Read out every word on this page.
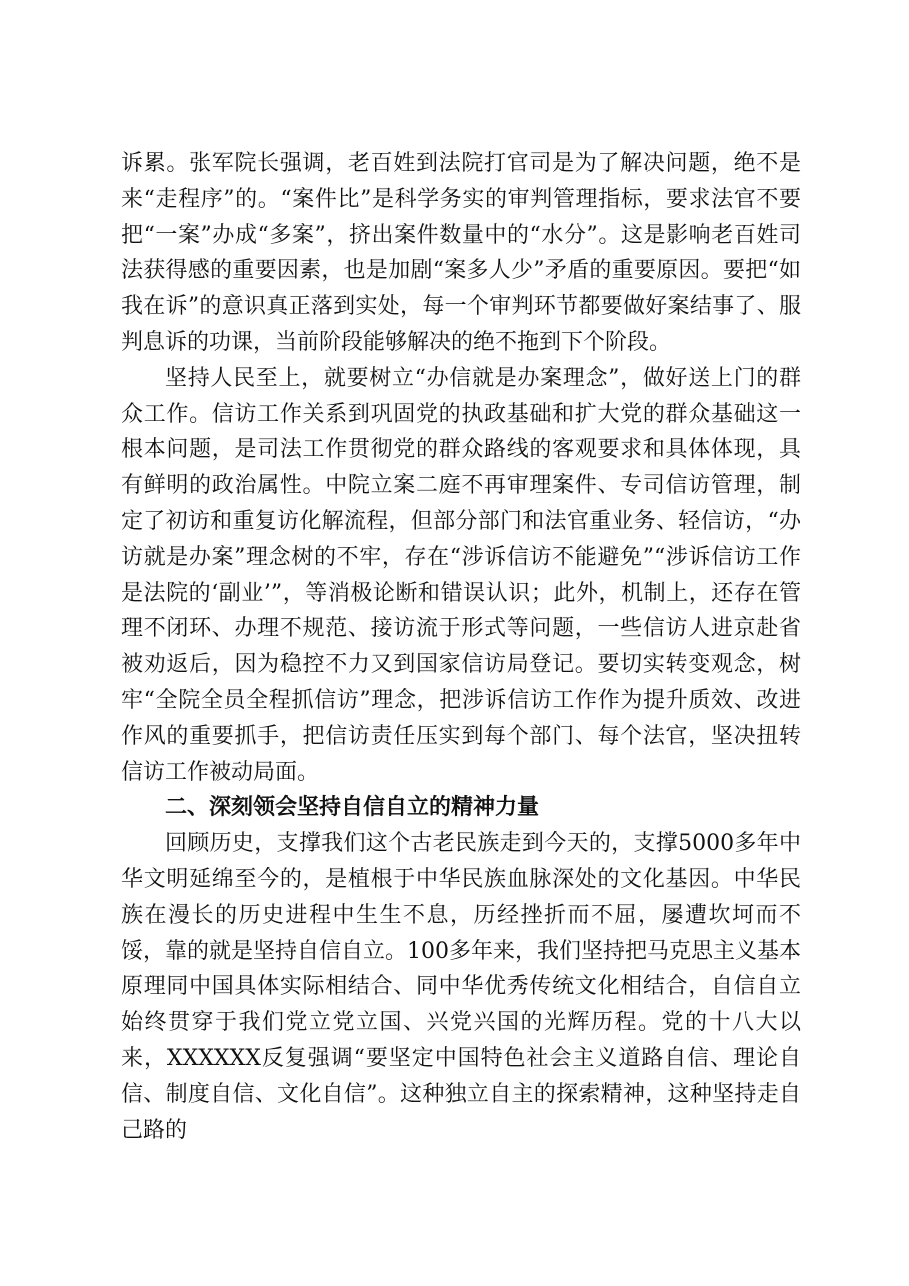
诉累。张军院长强调，老百姓到法院打官司是为了解决问题，绝不是来“走程序”的。“案件比”是科学务实的审判管理指标，要求法官不要把“一案”办成“多案”，挤出案件数量中的“水分”。这是影响老百姓司法获得感的重要因素，也是加剧“案多人少”矛盾的重要原因。要把“如我在诉”的意识真正落到实处，每一个审判环节都要做好案结事了、服判息诉的功课，当前阶段能够解决的绝不拖到下个阶段。

坚持人民至上，就要树立“办信就是办案理念”，做好送上门的群众工作。信访工作关系到巩固党的执政基础和扩大党的群众基础这一根本问题，是司法工作贯彻党的群众路线的客观要求和具体体现，具有鲜明的政治属性。中院立案二庭不再审理案件、专司信访管理，制定了初访和重复访化解流程，但部分部门和法官重业务、轻信访，“办访就是办案”理念树的不牢，存在“涉诉信访不能避免”“涉诉信访工作是法院的‘副业’”，等消极论断和错误认识；此外，机制上，还存在管理不闭环、办理不规范、接访流于形式等问题，一些信访人进京赴省被劝返后，因为稳控不力又到国家信访局登记。要切实转变观念，树牢“全院全员全程抓信访”理念，把涉诉信访工作作为提升质效、改进作风的重要抓手，把信访责任压实到每个部门、每个法官，坚决扭转信访工作被动局面。

二、深刻领会坚持自信自立的精神力量

回顾历史，支撑我们这个古老民族走到今天的，支撑5000多年中华文明延绵至今的，是植根于中华民族血脉深处的文化基因。中华民族在漫长的历史进程中生生不息，历经挫折而不屈，屡遭坎坷而不馁，靠的就是坚持自信自立。100多年来，我们坚持把马克思主义基本原理同中国具体实际相结合、同中华优秀传统文化相结合，自信自立始终贯穿于我们党立党立国、兴党兴国的光辉历程。党的十八大以来，XXXXXX反复强调“要坚定中国特色社会主义道路自信、理论自信、制度自信、文化自信”。这种独立自主的探索精神，这种坚持走自己路的
